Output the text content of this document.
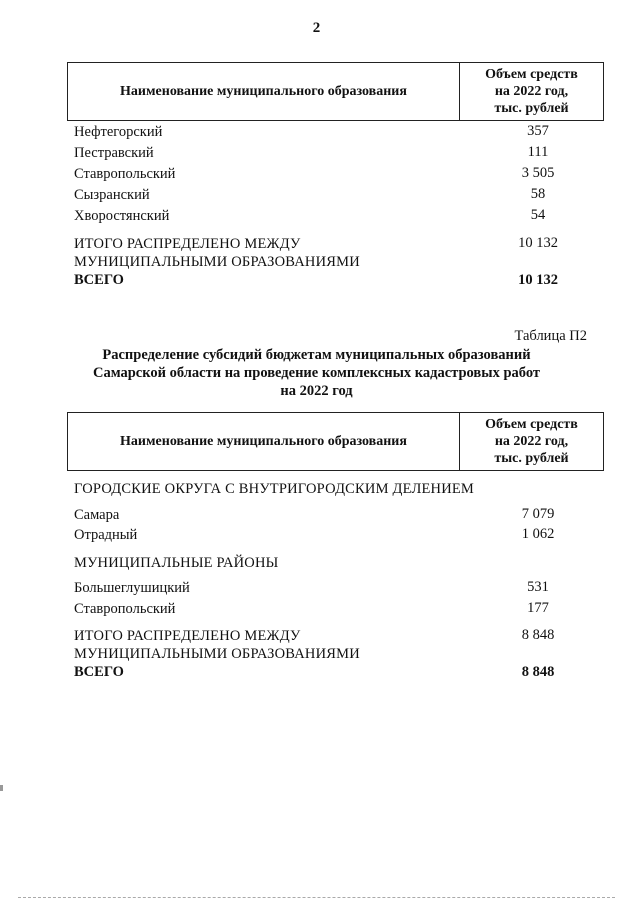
2
Наименование муниципального образования
Объем средств
на 2022 год,
тыс. рублей
Нефтегорский	357
Пестравский	111
Ставропольский	3 505
Сызранский	58
Хворостянский	54
ИТОГО РАСПРЕДЕЛЕНО МЕЖДУ
МУНИЦИПАЛЬНЫМИ ОБРАЗОВАНИЯМИ
10 132
ВСЕГО	10 132
Таблица П2
Распределение субсидий бюджетам муниципальных образований
Самарской области на проведение комплексных кадастровых работ
на 2022 год
Наименование муниципального образования
Объем средств
на 2022 год,
тыс. рублей
ГОРОДСКИЕ ОКРУГА С ВНУТРИГОРОДСКИМ ДЕЛЕНИЕМ
Самара	7 079
Отрадный	1 062
МУНИЦИПАЛЬНЫЕ РАЙОНЫ
Большеглушицкий	531
Ставропольский	177
ИТОГО РАСПРЕДЕЛЕНО МЕЖДУ
МУНИЦИПАЛЬНЫМИ ОБРАЗОВАНИЯМИ
8 848
ВСЕГО	8 848
